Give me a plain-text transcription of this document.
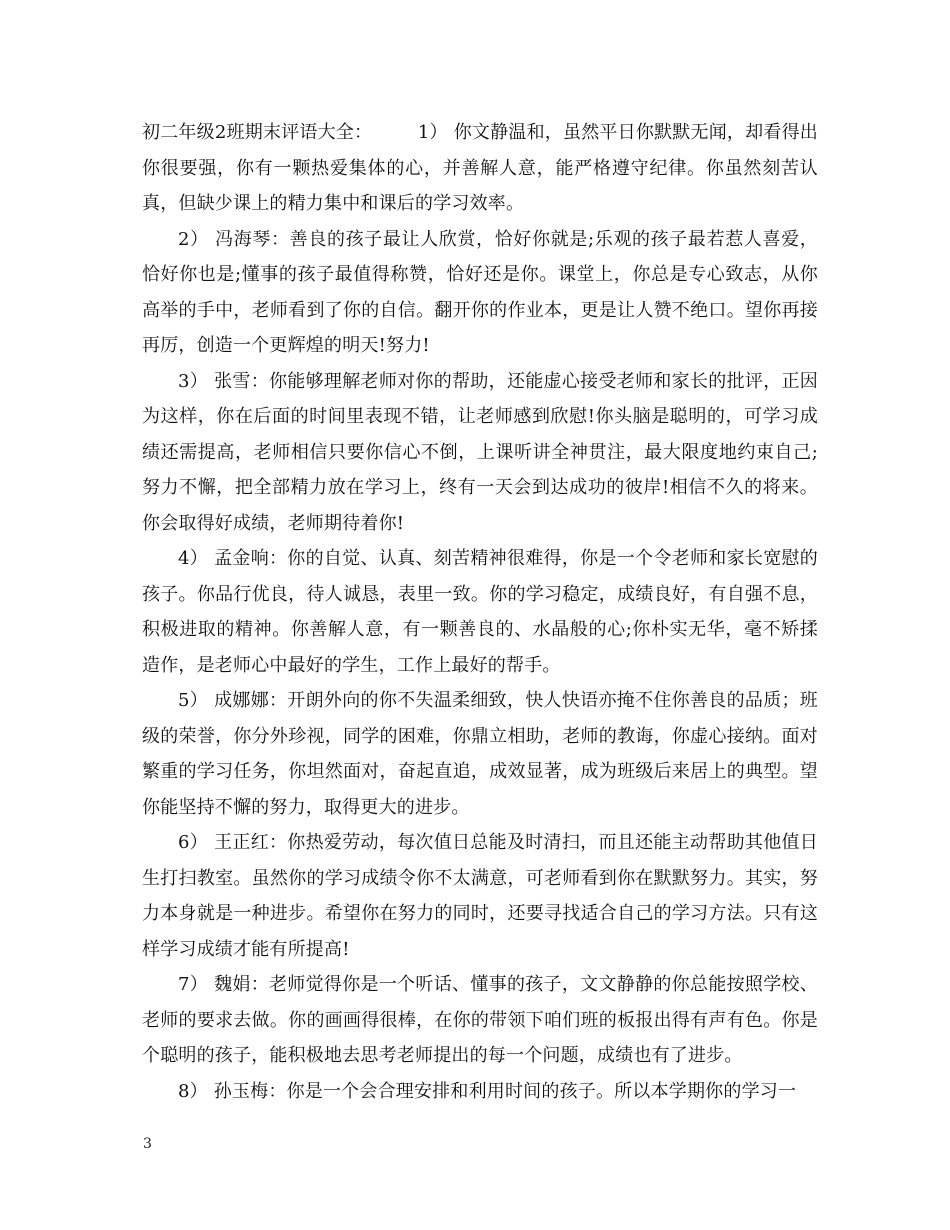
初二年级2班期末评语大全：　　　1） 你文静温和，虽然平日你默默无闻，却看得出你很要强，你有一颗热爱集体的心，并善解人意，能严格遵守纪律。你虽然刻苦认真，但缺少课上的精力集中和课后的学习效率。

2） 冯海琴：善良的孩子最让人欣赏，恰好你就是;乐观的孩子最若惹人喜爱，恰好你也是;懂事的孩子最值得称赞，恰好还是你。课堂上，你总是专心致志，从你高举的手中，老师看到了你的自信。翻开你的作业本，更是让人赞不绝口。望你再接再厉，创造一个更辉煌的明天!努力!

3） 张雪：你能够理解老师对你的帮助，还能虚心接受老师和家长的批评，正因为这样，你在后面的时间里表现不错，让老师感到欣慰!你头脑是聪明的，可学习成绩还需提高，老师相信只要你信心不倒，上课听讲全神贯注，最大限度地约束自己;努力不懈，把全部精力放在学习上，终有一天会到达成功的彼岸!相信不久的将来。你会取得好成绩，老师期待着你!

4） 孟金响：你的自觉、认真、刻苦精神很难得，你是一个令老师和家长宽慰的孩子。你品行优良，待人诚恳，表里一致。你的学习稳定，成绩良好，有自强不息，积极进取的精神。你善解人意，有一颗善良的、水晶般的心;你朴实无华，毫不矫揉造作，是老师心中最好的学生，工作上最好的帮手。

5） 成娜娜：开朗外向的你不失温柔细致，快人快语亦掩不住你善良的品质；班级的荣誉，你分外珍视，同学的困难，你鼎立相助，老师的教诲，你虚心接纳。面对繁重的学习任务，你坦然面对，奋起直追，成效显著，成为班级后来居上的典型。望你能坚持不懈的努力，取得更大的进步。

6） 王正红：你热爱劳动，每次值日总能及时清扫，而且还能主动帮助其他值日生打扫教室。虽然你的学习成绩令你不太满意，可老师看到你在默默努力。其实，努力本身就是一种进步。希望你在努力的同时，还要寻找适合自己的学习方法。只有这样学习成绩才能有所提高!

7） 魏娟：老师觉得你是一个听话、懂事的孩子，文文静静的你总能按照学校、老师的要求去做。你的画画得很棒，在你的带领下咱们班的板报出得有声有色。你是个聪明的孩子，能积极地去思考老师提出的每一个问题，成绩也有了进步。

8） 孙玉梅：你是一个会合理安排和利用时间的孩子。所以本学期你的学习一

3
